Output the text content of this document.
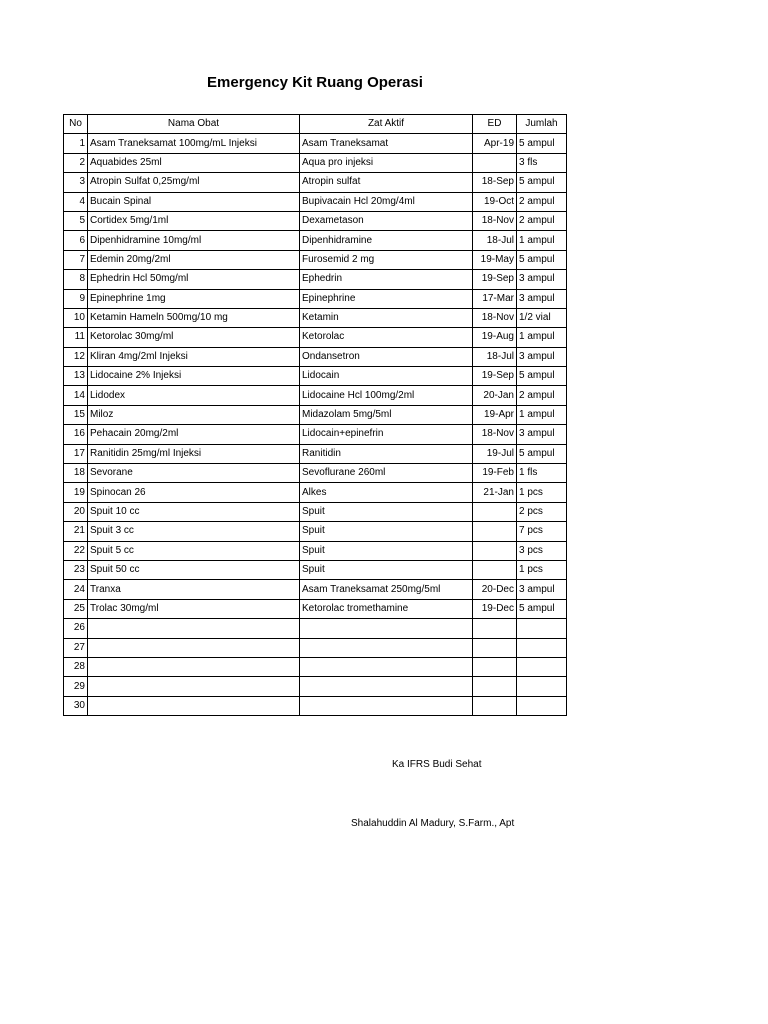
Emergency Kit Ruang Operasi
No	Nama Obat	Zat Aktif	ED	Jumlah
1	Asam Traneksamat 100mg/mL Injeksi	Asam Traneksamat	Apr-19	5 ampul
2	Aquabides 25ml	Aqua pro injeksi		3 fls
3	Atropin Sulfat 0,25mg/ml	Atropin sulfat	18-Sep	5 ampul
4	Bucain Spinal	Bupivacain Hcl 20mg/4ml	19-Oct	2 ampul
5	Cortidex 5mg/1ml	Dexametason	18-Nov	2 ampul
6	Dipenhidramine 10mg/ml	Dipenhidramine	18-Jul	1 ampul
7	Edemin 20mg/2ml	Furosemid 2 mg	19-May	5 ampul
8	Ephedrin Hcl 50mg/ml	Ephedrin	19-Sep	3 ampul
9	Epinephrine 1mg	Epinephrine	17-Mar	3 ampul
10	Ketamin Hameln 500mg/10 mg	Ketamin	18-Nov	1/2 vial
11	Ketorolac 30mg/ml	Ketorolac	19-Aug	1 ampul
12	Kliran 4mg/2ml Injeksi	Ondansetron	18-Jul	3 ampul
13	Lidocaine 2% Injeksi	Lidocain	19-Sep	5 ampul
14	Lidodex	Lidocaine Hcl 100mg/2ml	20-Jan	2 ampul
15	Miloz	Midazolam 5mg/5ml	19-Apr	1 ampul
16	Pehacain 20mg/2ml	Lidocain+epinefrin	18-Nov	3 ampul
17	Ranitidin 25mg/ml Injeksi	Ranitidin	19-Jul	5 ampul
18	Sevorane	Sevoflurane 260ml	19-Feb	1 fls
19	Spinocan 26	Alkes	21-Jan	1 pcs
20	Spuit 10 cc	Spuit		2 pcs
21	Spuit 3 cc	Spuit		7 pcs
22	Spuit 5 cc	Spuit		3 pcs
23	Spuit 50 cc	Spuit		1 pcs
24	Tranxa	Asam Traneksamat 250mg/5ml	20-Dec	3 ampul
25	Trolac 30mg/ml	Ketorolac tromethamine	19-Dec	5 ampul
26				
27				
28				
29				
30				
Ka IFRS Budi Sehat
Shalahuddin Al Madury, S.Farm., Apt
